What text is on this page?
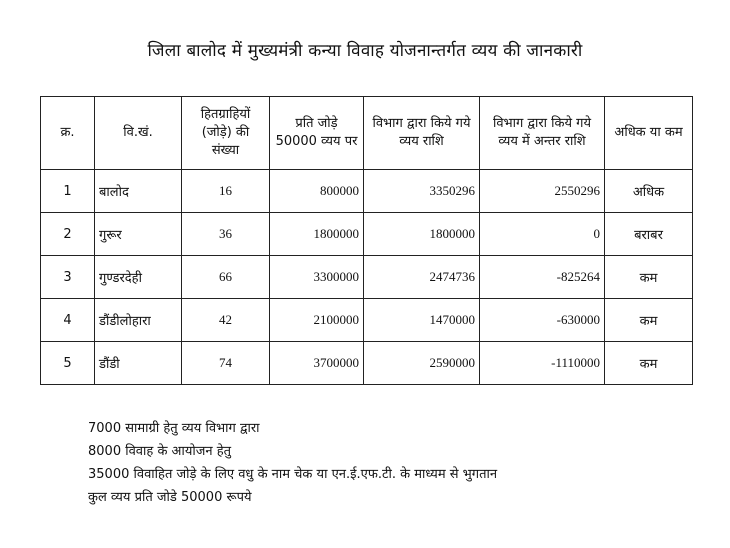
जिला बालोद में मुख्यमंत्री कन्या विवाह योजनान्तर्गत व्यय की जानकारी
क्र.	वि.खं.	हितग्राहियों (जोड़े) की संख्या	प्रति जोड़े 50000 व्यय पर	विभाग द्वारा किये गये व्यय राशि	विभाग द्वारा किये गये व्यय में अन्तर राशि	अधिक या कम
1	बालोद	16	800000	3350296	2550296	अधिक
2	गुरूर	36	1800000	1800000	0	बराबर
3	गुण्डरदेही	66	3300000	2474736	-825264	कम
4	डौंडीलोहारा	42	2100000	1470000	-630000	कम
5	डौंडी	74	3700000	2590000	-1110000	कम
7000 सामाग्री हेतु व्यय विभाग द्वारा
8000 विवाह के आयोजन हेतु
35000 विवाहित जोड़े के लिए वधु के नाम चेक या एन.ई.एफ.टी. के माध्यम से भुगतान
कुल व्यय प्रति जोडे 50000 रूपये
